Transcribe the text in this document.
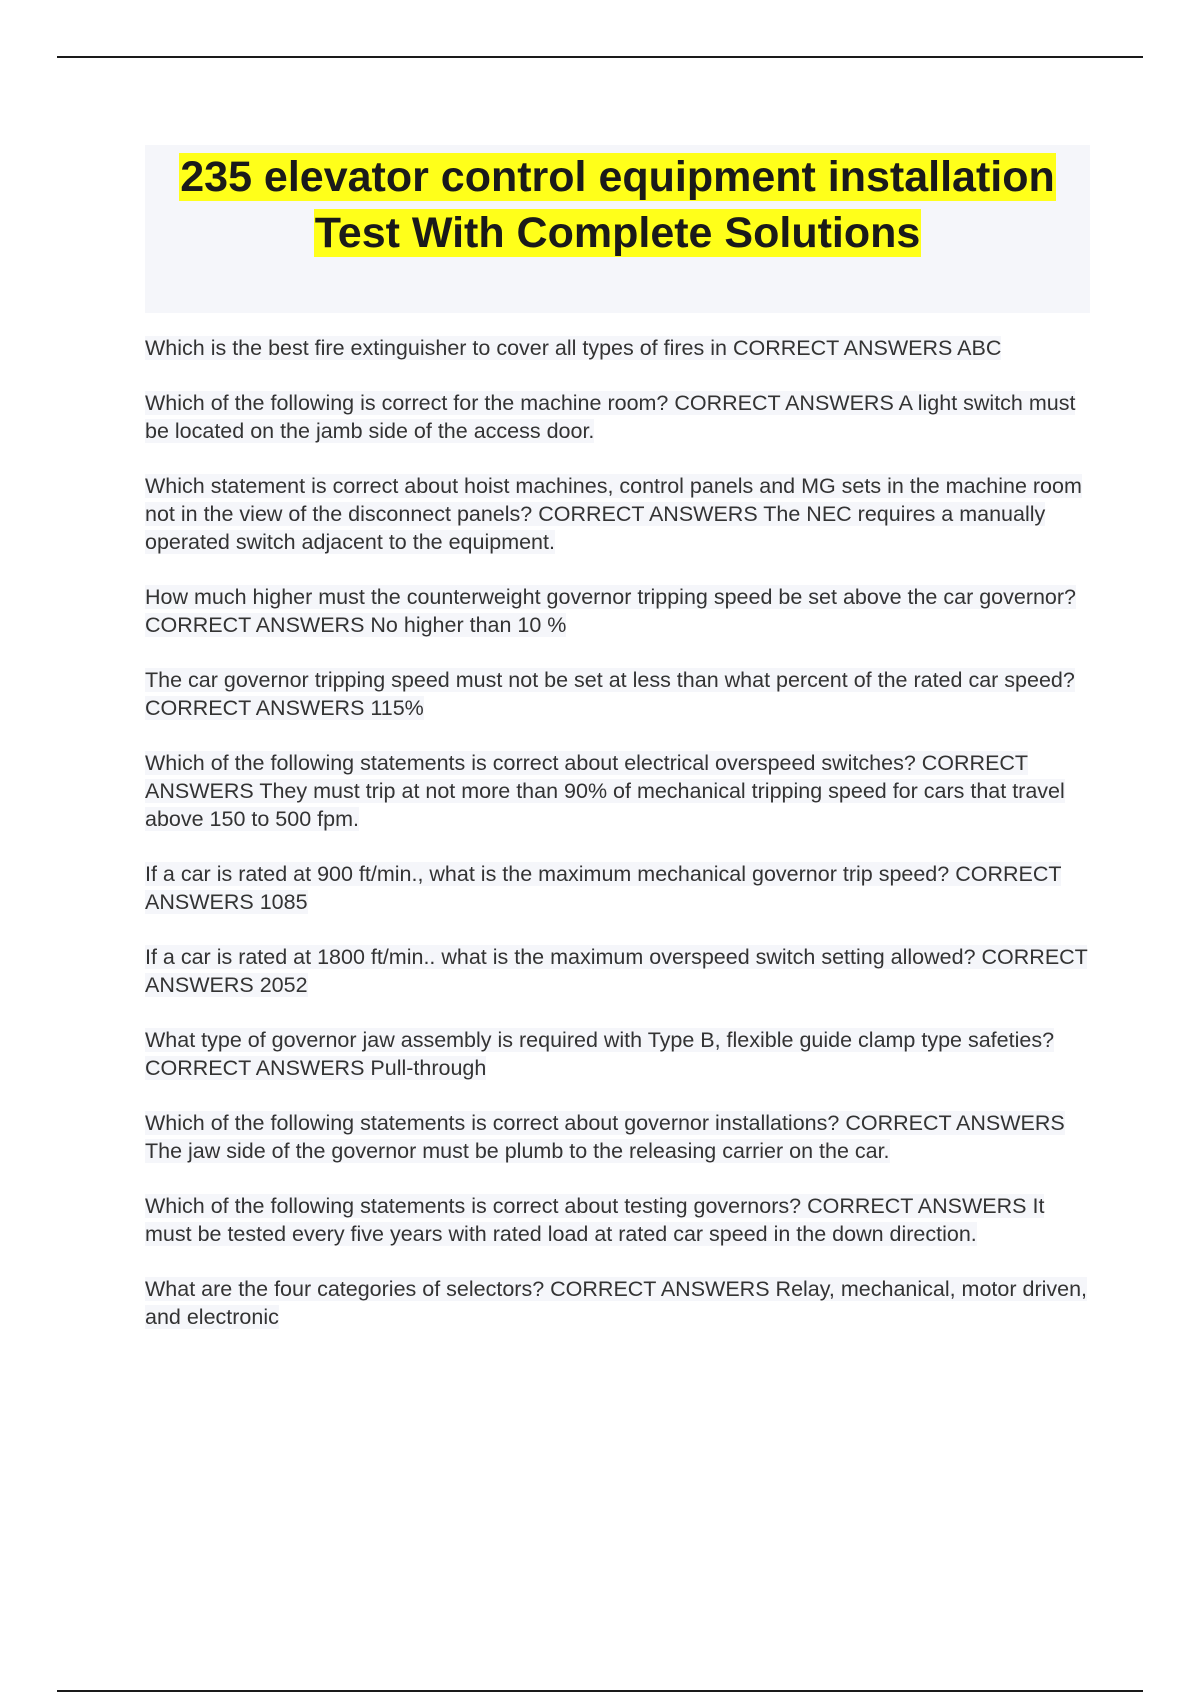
235 elevator control equipment installation Test With Complete Solutions

Which is the best fire extinguisher to cover all types of fires in CORRECT ANSWERS ABC

Which of the following is correct for the machine room? CORRECT ANSWERS A light switch must be located on the jamb side of the access door.

Which statement is correct about hoist machines, control panels and MG sets in the machine room not in the view of the disconnect panels? CORRECT ANSWERS The NEC requires a manually operated switch adjacent to the equipment.

How much higher must the counterweight governor tripping speed be set above the car governor? CORRECT ANSWERS No higher than 10 %

The car governor tripping speed must not be set at less than what percent of the rated car speed? CORRECT ANSWERS 115%

Which of the following statements is correct about electrical overspeed switches? CORRECT ANSWERS They must trip at not more than 90% of mechanical tripping speed for cars that travel above 150 to 500 fpm.

If a car is rated at 900 ft/min., what is the maximum mechanical governor trip speed? CORRECT ANSWERS 1085

If a car is rated at 1800 ft/min.. what is the maximum overspeed switch setting allowed? CORRECT ANSWERS 2052

What type of governor jaw assembly is required with Type B, flexible guide clamp type safeties? CORRECT ANSWERS Pull-through

Which of the following statements is correct about governor installations? CORRECT ANSWERS The jaw side of the governor must be plumb to the releasing carrier on the car.

Which of the following statements is correct about testing governors? CORRECT ANSWERS It must be tested every five years with rated load at rated car speed in the down direction.

What are the four categories of selectors? CORRECT ANSWERS Relay, mechanical, motor driven, and electronic
